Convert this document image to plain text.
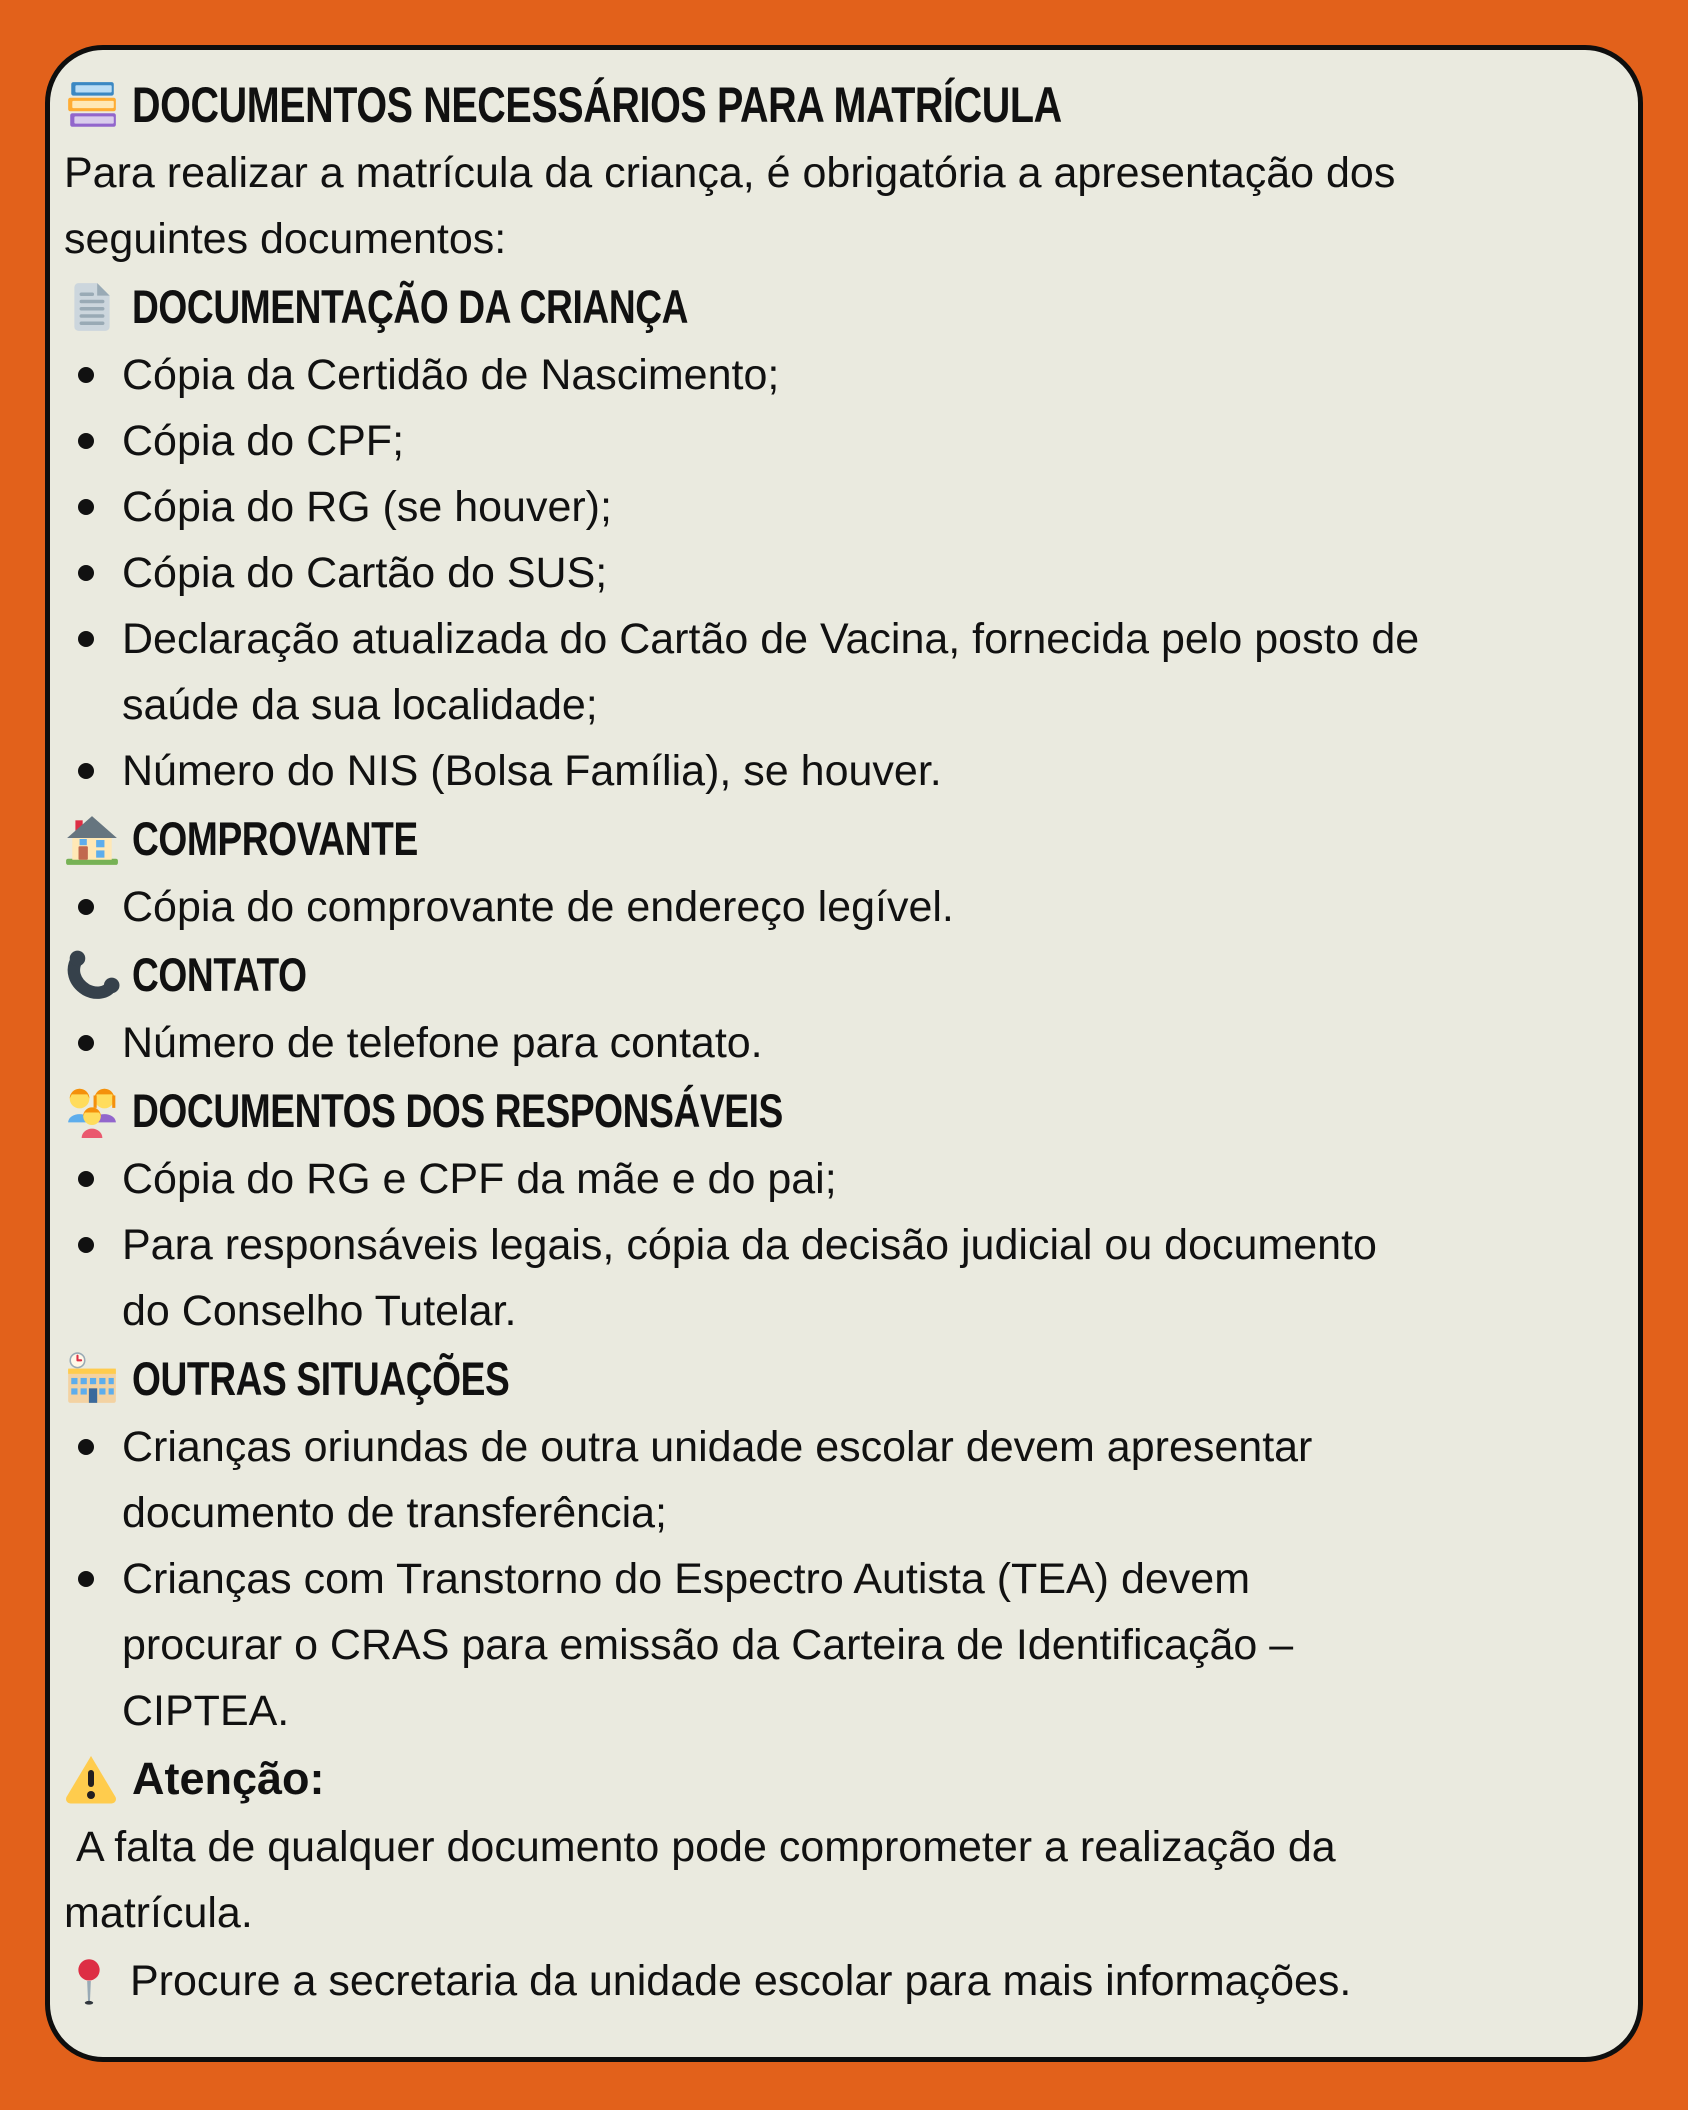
DOCUMENTOS NECESSÁRIOS PARA MATRÍCULA

Para realizar a matrícula da criança, é obrigatória a apresentação dos seguintes documentos:

DOCUMENTAÇÃO DA CRIANÇA
Cópia da Certidão de Nascimento;
Cópia do CPF;
Cópia do RG (se houver);
Cópia do Cartão do SUS;
Declaração atualizada do Cartão de Vacina, fornecida pelo posto de saúde da sua localidade;
Número do NIS (Bolsa Família), se houver.
COMPROVANTE
Cópia do comprovante de endereço legível.
CONTATO
Número de telefone para contato.
DOCUMENTOS DOS RESPONSÁVEIS
Cópia do RG e CPF da mãe e do pai;
Para responsáveis legais, cópia da decisão judicial ou documento do Conselho Tutelar.
OUTRAS SITUAÇÕES
Crianças oriundas de outra unidade escolar devem apresentar documento de transferência;
Crianças com Transtorno do Espectro Autista (TEA) devem procurar o CRAS para emissão da Carteira de Identificação – CIPTEA.
Atenção:

A falta de qualquer documento pode comprometer a realização da matrícula.

Procure a secretaria da unidade escolar para mais informações.
